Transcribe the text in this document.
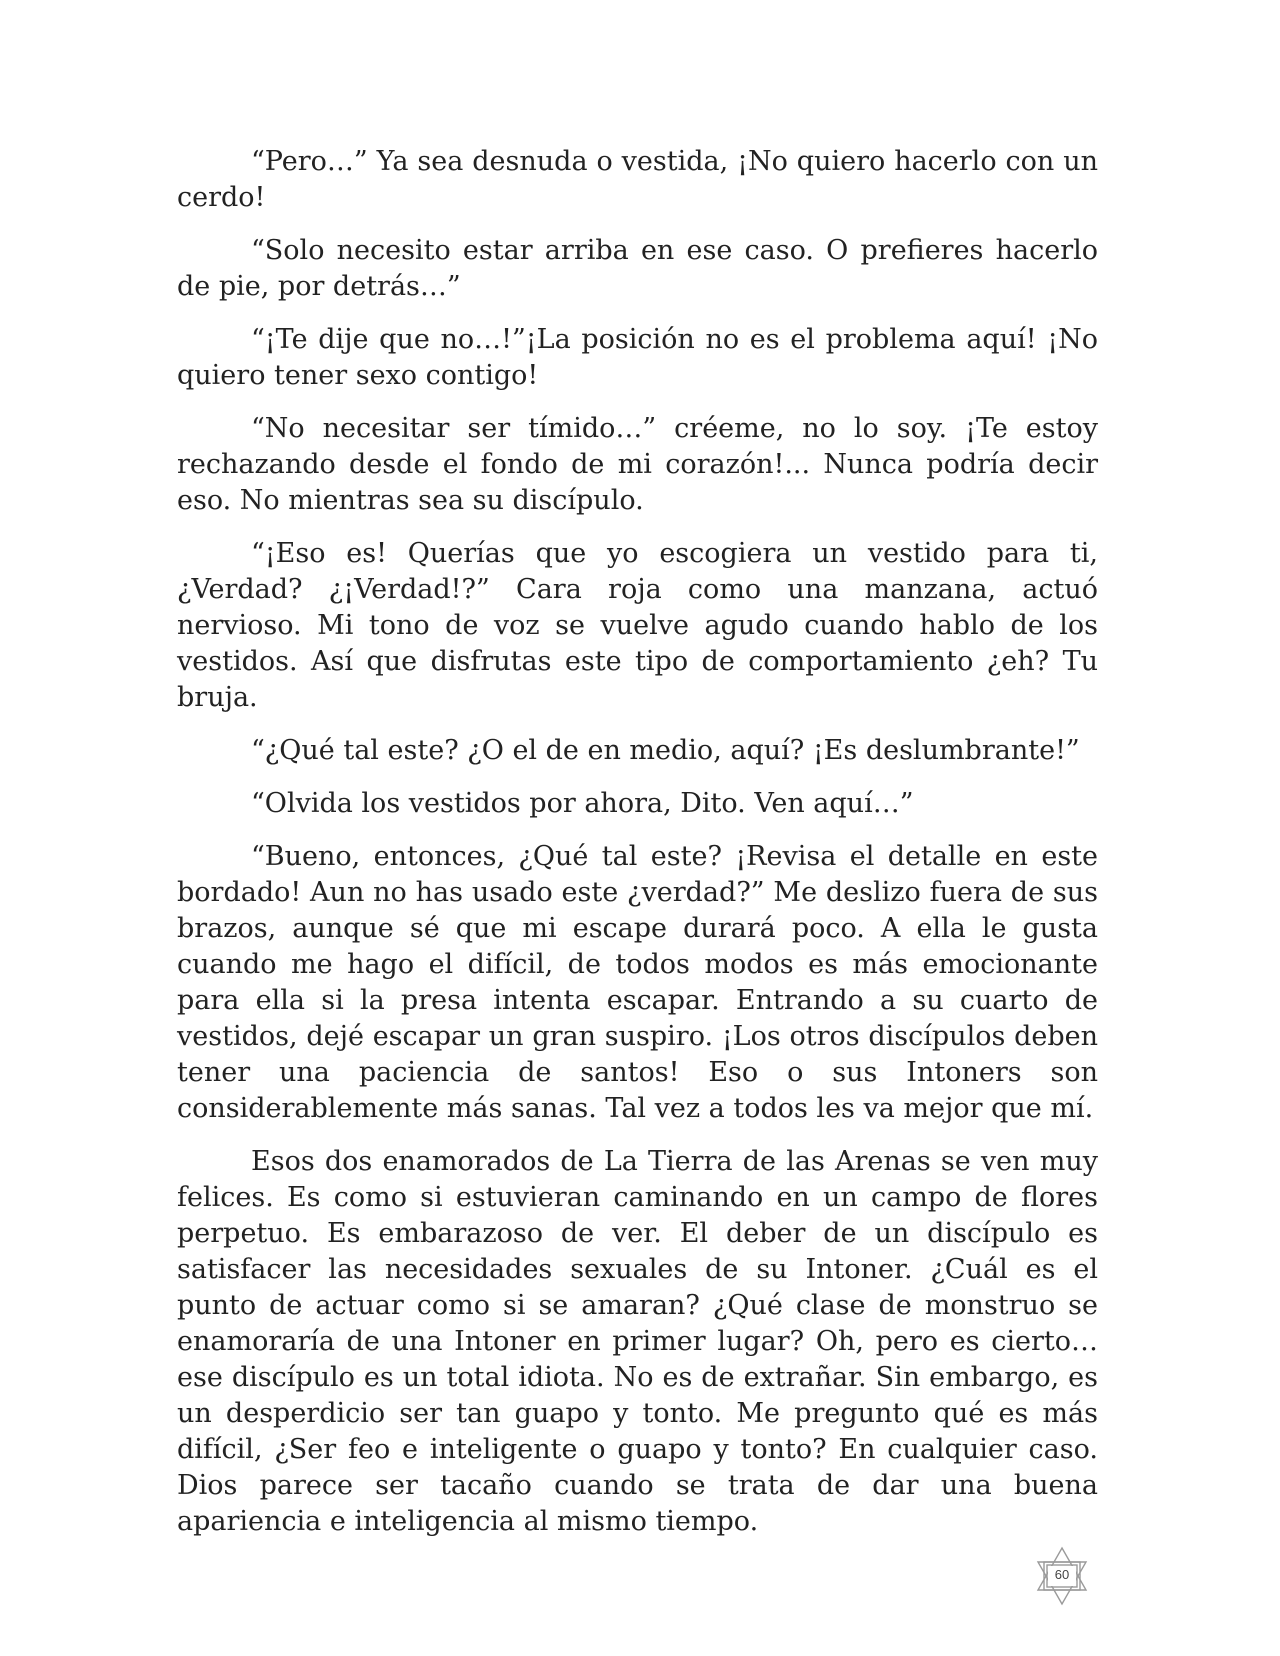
“Pero…” Ya sea desnuda o vestida, ¡No quiero hacerlo con un cerdo!

“Solo necesito estar arriba en ese caso. O prefieres hacerlo de pie, por detrás…”

“¡Te dije que no…!”¡La posición no es el problema aquí! ¡No quiero tener sexo contigo!

“No necesitar ser tímido…” créeme, no lo soy. ¡Te estoy rechazando desde el fondo de mi corazón!... Nunca podría decir eso. No mientras sea su discípulo.

“¡Eso es! Querías que yo escogiera un vestido para ti, ¿Verdad? ¿¡Verdad!?” Cara roja como una manzana, actuó nervioso. Mi tono de voz se vuelve agudo cuando hablo de los vestidos. Así que disfrutas este tipo de comportamiento ¿eh? Tu bruja.

“¿Qué tal este? ¿O el de en medio, aquí? ¡Es deslumbrante!”

“Olvida los vestidos por ahora, Dito. Ven aquí…”

“Bueno, entonces, ¿Qué tal este? ¡Revisa el detalle en este bordado! Aun no has usado este ¿verdad?” Me deslizo fuera de sus brazos, aunque sé que mi escape durará poco. A ella le gusta cuando me hago el difícil, de todos modos es más emocionante para ella si la presa intenta escapar. Entrando a su cuarto de vestidos, dejé escapar un gran suspiro. ¡Los otros discípulos deben tener una paciencia de santos! Eso o sus Intoners son considerablemente más sanas. Tal vez a todos les va mejor que mí.

Esos dos enamorados de La Tierra de las Arenas se ven muy felices. Es como si estuvieran caminando en un campo de flores perpetuo. Es embarazoso de ver. El deber de un discípulo es satisfacer las necesidades sexuales de su Intoner. ¿Cuál es el punto de actuar como si se amaran? ¿Qué clase de monstruo se enamoraría de una Intoner en primer lugar? Oh, pero es cierto… ese discípulo es un total idiota. No es de extrañar. Sin embargo, es un desperdicio ser tan guapo y tonto. Me pregunto qué es más difícil, ¿Ser feo e inteligente o guapo y tonto? En cualquier caso. Dios parece ser tacaño cuando se trata de dar una buena apariencia e inteligencia al mismo tiempo.

60
